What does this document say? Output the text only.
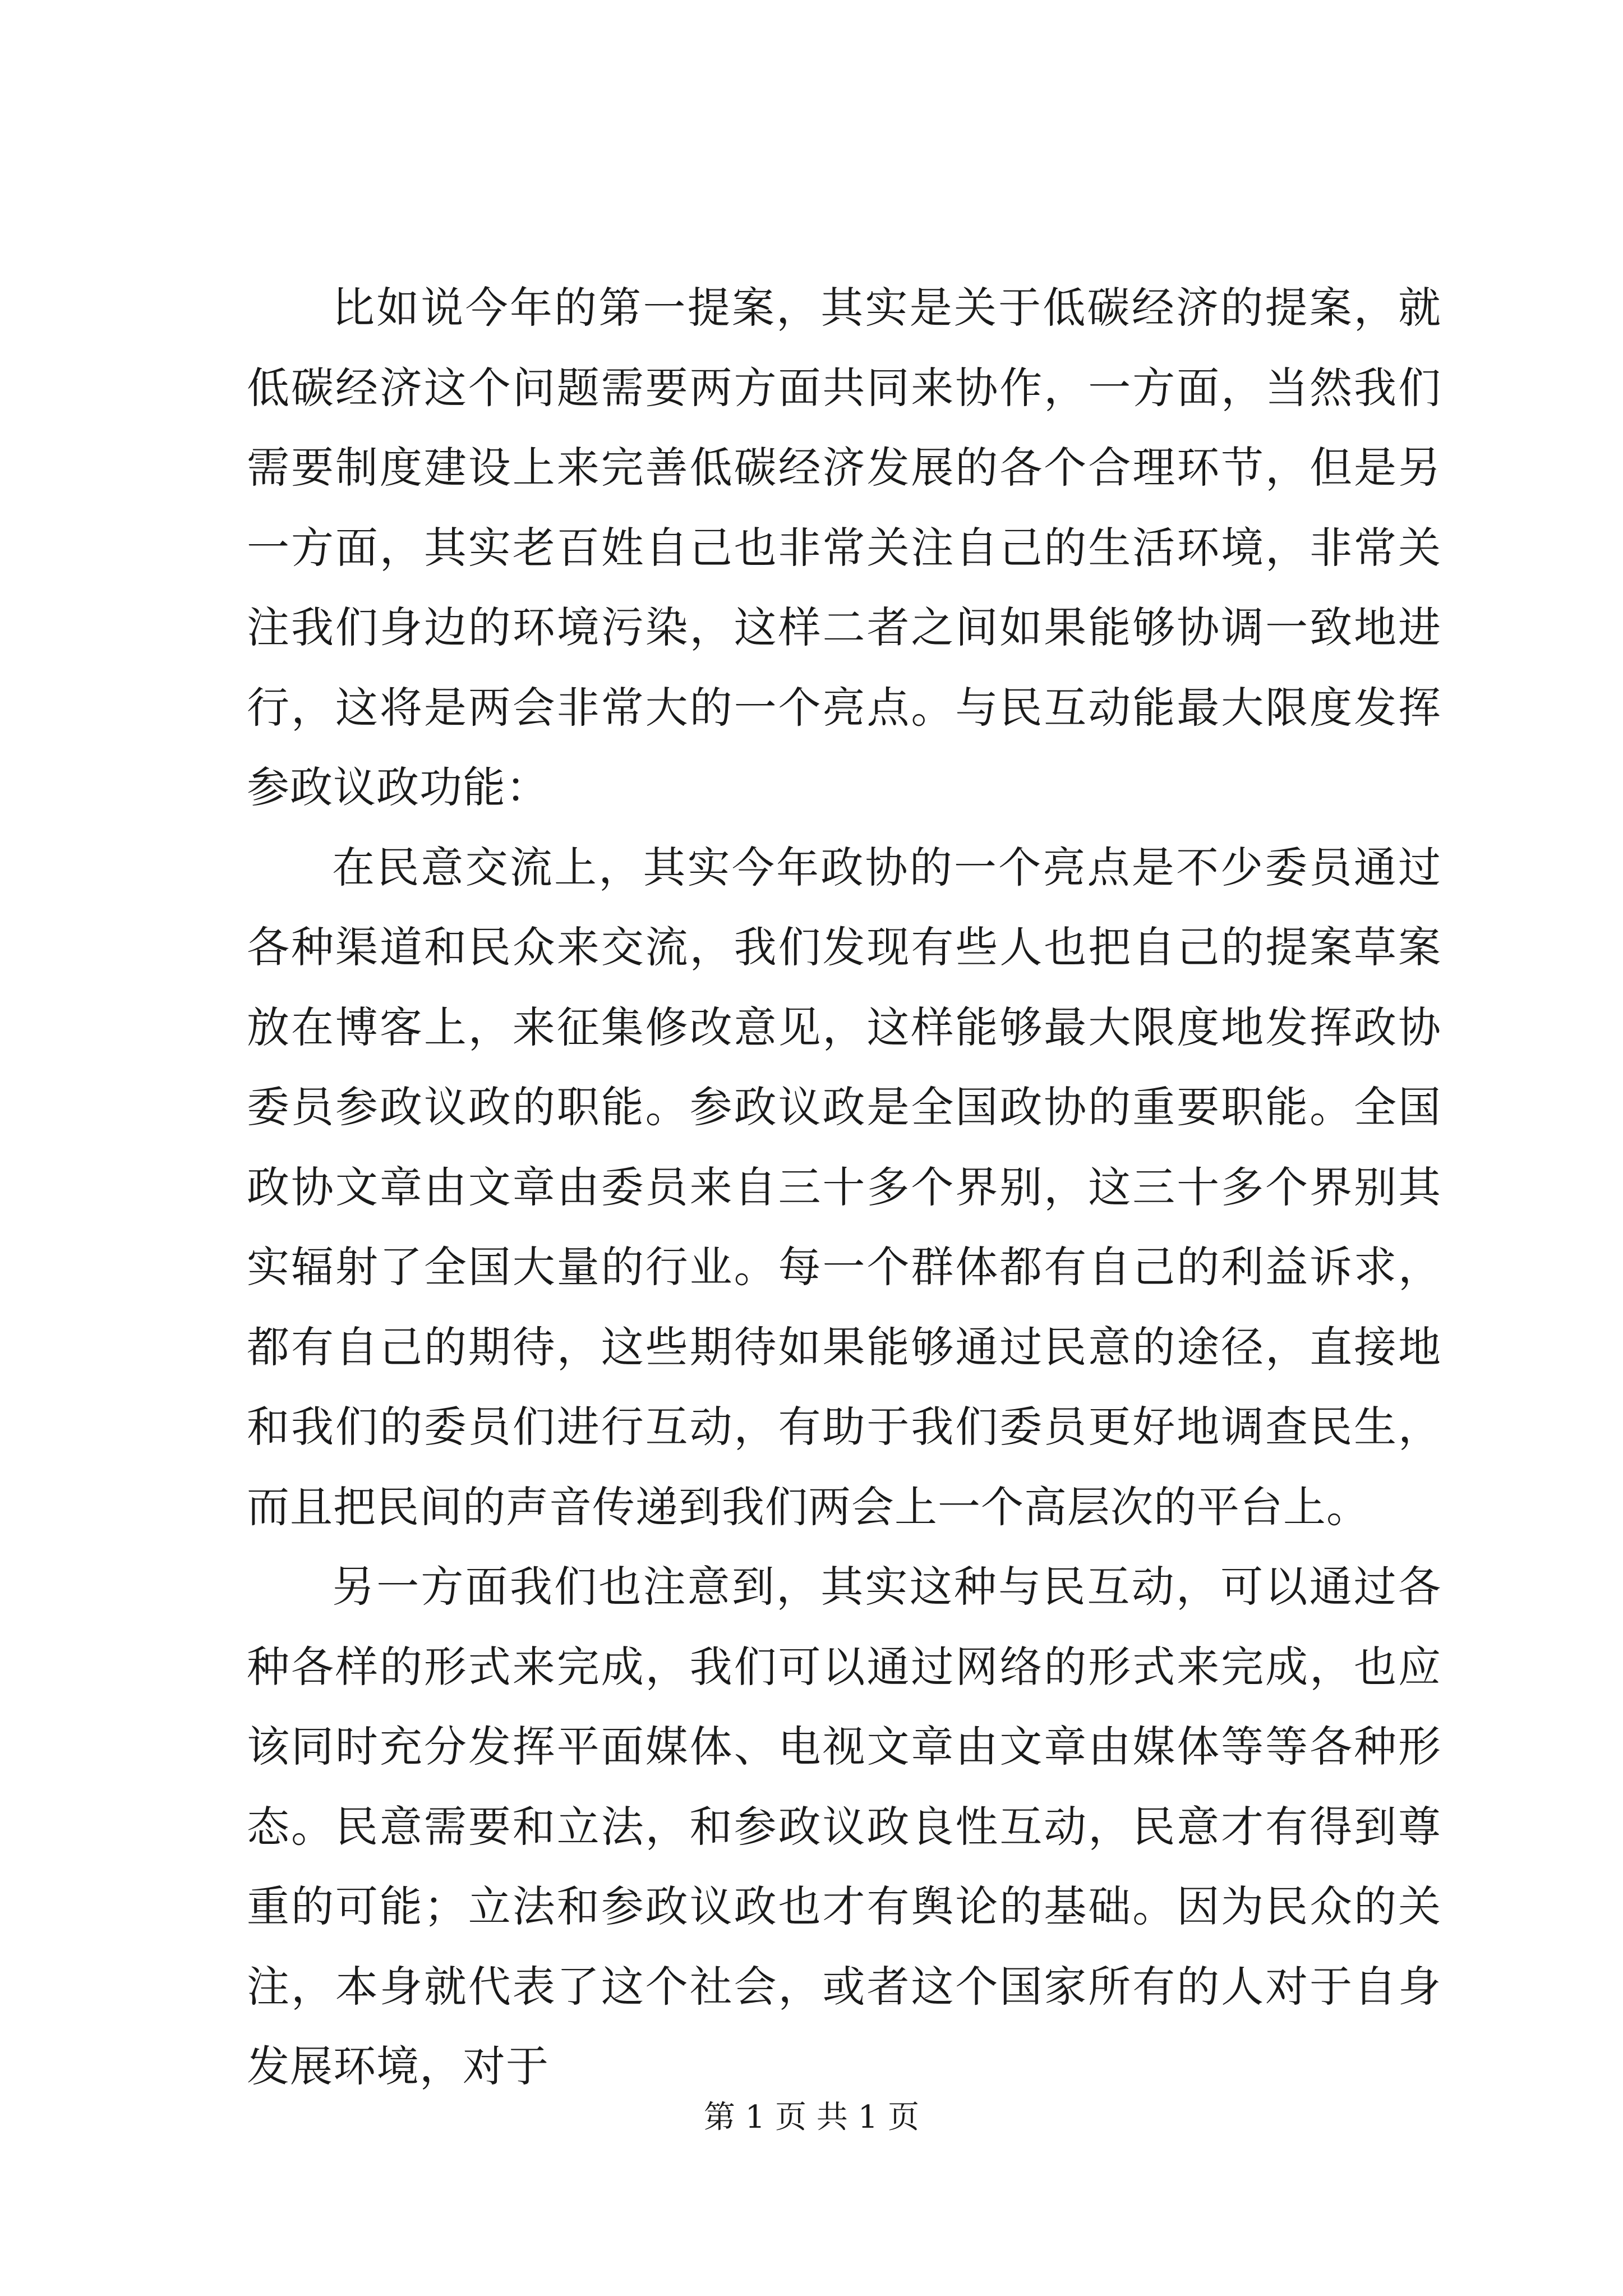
比如说今年的第一提案，其实是关于低碳经济的提案，就低碳经济这个问题需要两方面共同来协作，一方面，当然我们需要制度建设上来完善低碳经济发展的各个合理环节，但是另一方面，其实老百姓自己也非常关注自己的生活环境，非常关注我们身边的环境污染，这样二者之间如果能够协调一致地进行，这将是两会非常大的一个亮点。与民互动能最大限度发挥参政议政功能：

在民意交流上，其实今年政协的一个亮点是不少委员通过各种渠道和民众来交流，我们发现有些人也把自己的提案草案放在博客上，来征集修改意见，这样能够最大限度地发挥政协委员参政议政的职能。参政议政是全国政协的重要职能。全国政协文章由文章由委员来自三十多个界别，这三十多个界别其实辐射了全国大量的行业。每一个群体都有自己的利益诉求，都有自己的期待，这些期待如果能够通过民意的途径，直接地和我们的委员们进行互动，有助于我们委员更好地调查民生，而且把民间的声音传递到我们两会上一个高层次的平台上。

另一方面我们也注意到，其实这种与民互动，可以通过各种各样的形式来完成，我们可以通过网络的形式来完成，也应该同时充分发挥平面媒体、电视文章由文章由媒体等等各种形态。民意需要和立法，和参政议政良性互动，民意才有得到尊重的可能；立法和参政议政也才有舆论的基础。因为民众的关注，本身就代表了这个社会，或者这个国家所有的人对于自身发展环境，对于

第 1 页 共 1 页
